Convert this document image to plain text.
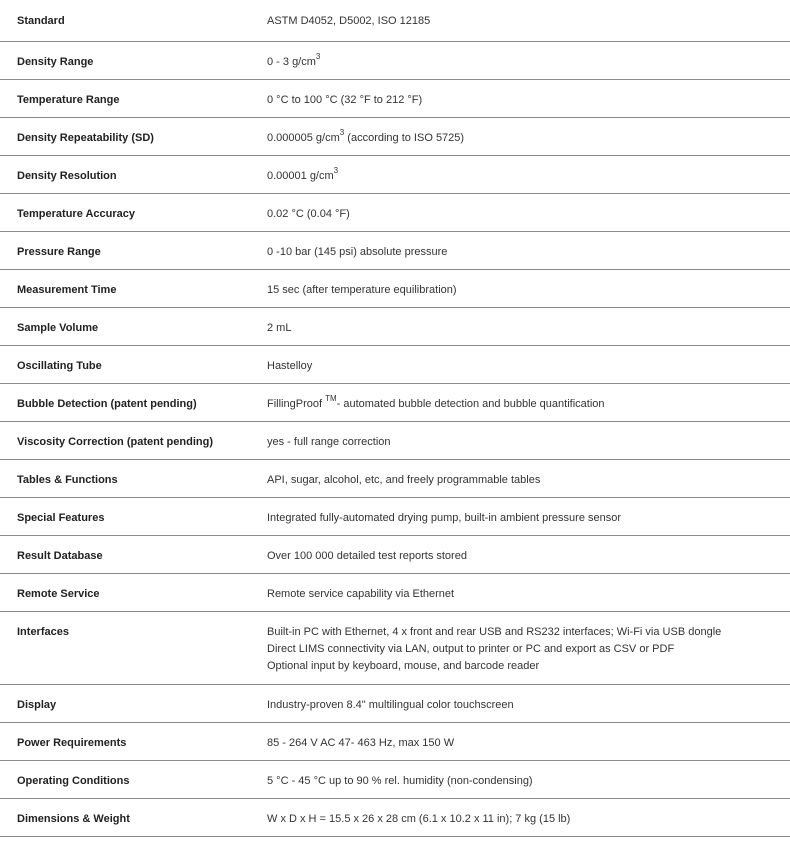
Standard	ASTM D4052, D5002, ISO 12185

Density Range	0 - 3 $g/cm^3$

Temperature Range	0 °C to 100 °C (32 °F to 212 °F)

Density Repeatability (SD)	0.000005 $g/cm^3$ (according to ISO 5725)

Density Resolution	0.00001 $g/cm^3$

Temperature Accuracy	0.02 °C (0.04 °F)

Pressure Range	0 -10 bar (145 psi) absolute pressure

Measurement Time	15 sec (after temperature equilibration)

Sample Volume	2 mL

Oscillating Tube	Hastelloy

Bubble Detection (patent pending)	FillingProof ™- automated bubble detection and bubble quantification

Viscosity Correction (patent pending)	yes - full range correction

Tables & Functions	API, sugar, alcohol, etc, and freely programmable tables

Special Features	Integrated fully-automated drying pump, built-in ambient pressure sensor

Result Database	Over 100 000 detailed test reports stored

Remote Service	Remote service capability via Ethernet

Interfaces	Built-in PC with Ethernet, 4 x front and rear USB and RS232 interfaces; Wi-Fi via USB dongle
Direct LIMS connectivity via LAN, output to printer or PC and export as CSV or PDF
Optional input by keyboard, mouse, and barcode reader

Display	Industry-proven 8.4" multilingual color touchscreen

Power Requirements	85 - 264 V AC 47- 463 Hz, max 150 W

Operating Conditions	5 °C - 45 °C up to 90 % rel. humidity (non-condensing)

Dimensions & Weight	W x D x H = 15.5 x 26 x 28 cm (6.1 x 10.2 x 11 in); 7 kg (15 lb)
